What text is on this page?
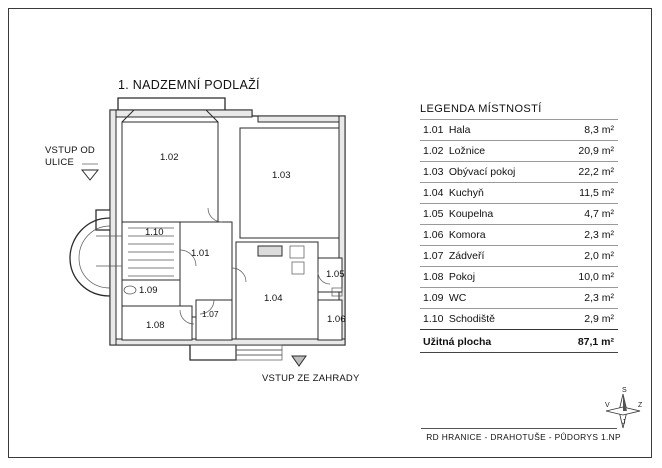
1. NADZEMNÍ PODLAŽÍ
1.02
1.03
1.10
1.01
1.05
1.09
1.04
1.08
1.07	1.06
VSTUP OD
ULICE
VSTUP ZE ZAHRADY
LEGENDA MÍSTNOSTÍ
1.01	Hala	8,3 m²
1.02	Ložnice	20,9 m²
1.03	Obývací pokoj	22,2 m²
1.04	Kuchyň	11,5 m²
1.05	Koupelna	4,7 m²
1.06	Komora	2,3 m²
1.07	Zádveří	2,0 m²
1.08	Pokoj	10,0 m²
1.09	WC	2,3 m²
1.10	Schodiště	2,9 m²
Užitná plocha		87,1 m²
S
Z
J
V
RD HRANICE - DRAHOTUŠE - PŮDORYS 1.NP
